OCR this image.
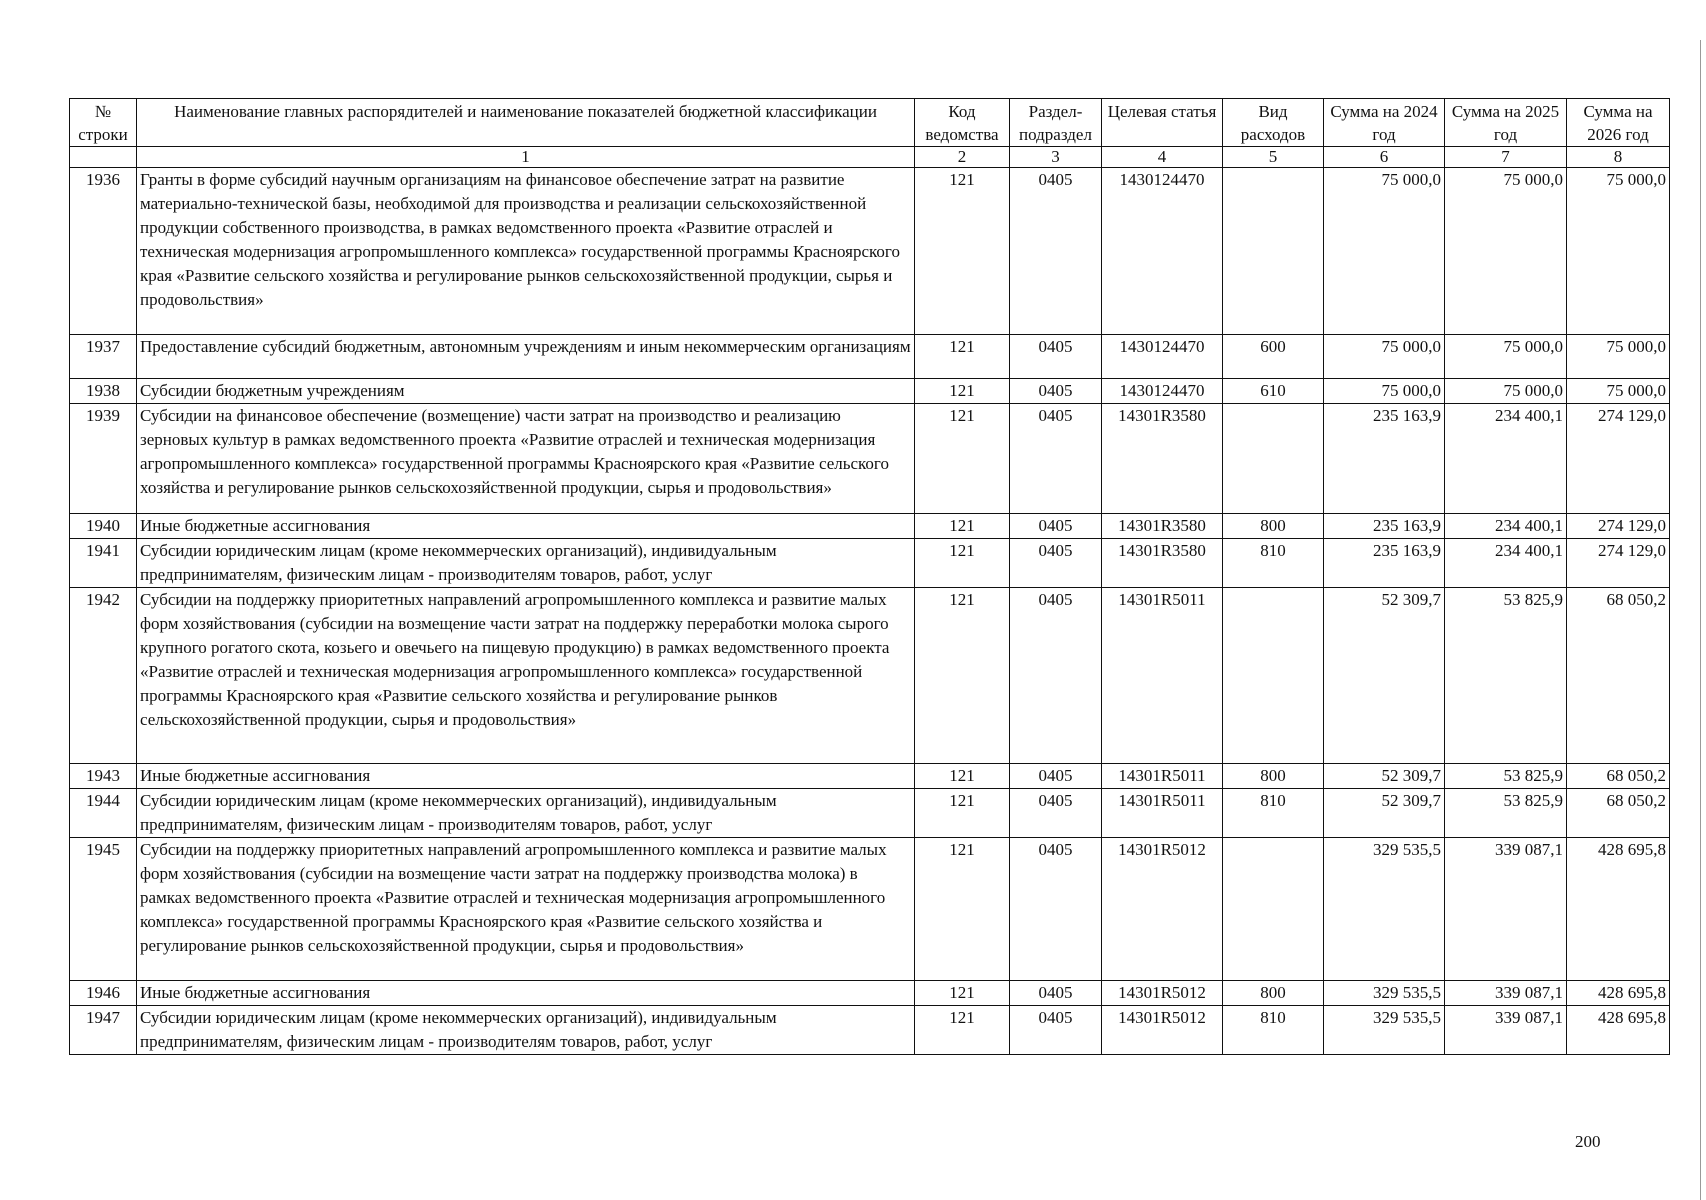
№ строки	Наименование главных распорядителей и наименование показателей бюджетной классификации	Код ведомства	Раздел-подраздел	Целевая статья	Вид расходов	Сумма на 2024 год	Сумма на 2025 год	Сумма на 2026 год
	1	2	3	4	5	6	7	8
1936	Гранты в форме субсидий научным организациям на финансовое обеспечение затрат на развитие материально-технической базы, необходимой для производства и реализации сельскохозяйственной продукции собственного производства, в рамках ведомственного проекта «Развитие отраслей и техническая модернизация агропромышленного комплекса» государственной программы Красноярского края «Развитие сельского хозяйства и регулирование рынков сельскохозяйственной продукции, сырья и продовольствия»	121	0405	1430124470		75 000,0	75 000,0	75 000,0
1937	Предоставление субсидий бюджетным, автономным учреждениям и иным некоммерческим организациям	121	0405	1430124470	600	75 000,0	75 000,0	75 000,0
1938	Субсидии бюджетным учреждениям	121	0405	1430124470	610	75 000,0	75 000,0	75 000,0
1939	Субсидии на финансовое обеспечение (возмещение) части затрат на производство и реализацию зерновых культур в рамках ведомственного проекта «Развитие отраслей и техническая модернизация агропромышленного комплекса» государственной программы Красноярского края «Развитие сельского хозяйства и регулирование рынков сельскохозяйственной продукции, сырья и продовольствия»	121	0405	14301R3580		235 163,9	234 400,1	274 129,0
1940	Иные бюджетные ассигнования	121	0405	14301R3580	800	235 163,9	234 400,1	274 129,0
1941	Субсидии юридическим лицам (кроме некоммерческих организаций), индивидуальным предпринимателям, физическим лицам - производителям товаров, работ, услуг	121	0405	14301R3580	810	235 163,9	234 400,1	274 129,0
1942	Субсидии на поддержку приоритетных направлений агропромышленного комплекса и развитие малых форм хозяйствования (субсидии на возмещение части затрат на поддержку переработки молока сырого крупного рогатого скота, козьего и овечьего на пищевую продукцию) в рамках ведомственного проекта «Развитие отраслей и техническая модернизация агропромышленного комплекса» государственной программы Красноярского края «Развитие сельского хозяйства и регулирование рынков сельскохозяйственной продукции, сырья и продовольствия»	121	0405	14301R5011		52 309,7	53 825,9	68 050,2
1943	Иные бюджетные ассигнования	121	0405	14301R5011	800	52 309,7	53 825,9	68 050,2
1944	Субсидии юридическим лицам (кроме некоммерческих организаций), индивидуальным предпринимателям, физическим лицам - производителям товаров, работ, услуг	121	0405	14301R5011	810	52 309,7	53 825,9	68 050,2
1945	Субсидии на поддержку приоритетных направлений агропромышленного комплекса и развитие малых форм хозяйствования (субсидии на возмещение части затрат на поддержку производства молока) в рамках ведомственного проекта «Развитие отраслей и техническая модернизация агропромышленного комплекса» государственной программы Красноярского края «Развитие сельского хозяйства и регулирование рынков сельскохозяйственной продукции, сырья и продовольствия»	121	0405	14301R5012		329 535,5	339 087,1	428 695,8
1946	Иные бюджетные ассигнования	121	0405	14301R5012	800	329 535,5	339 087,1	428 695,8
1947	Субсидии юридическим лицам (кроме некоммерческих организаций), индивидуальным предпринимателям, физическим лицам - производителям товаров, работ, услуг	121	0405	14301R5012	810	329 535,5	339 087,1	428 695,8
200
